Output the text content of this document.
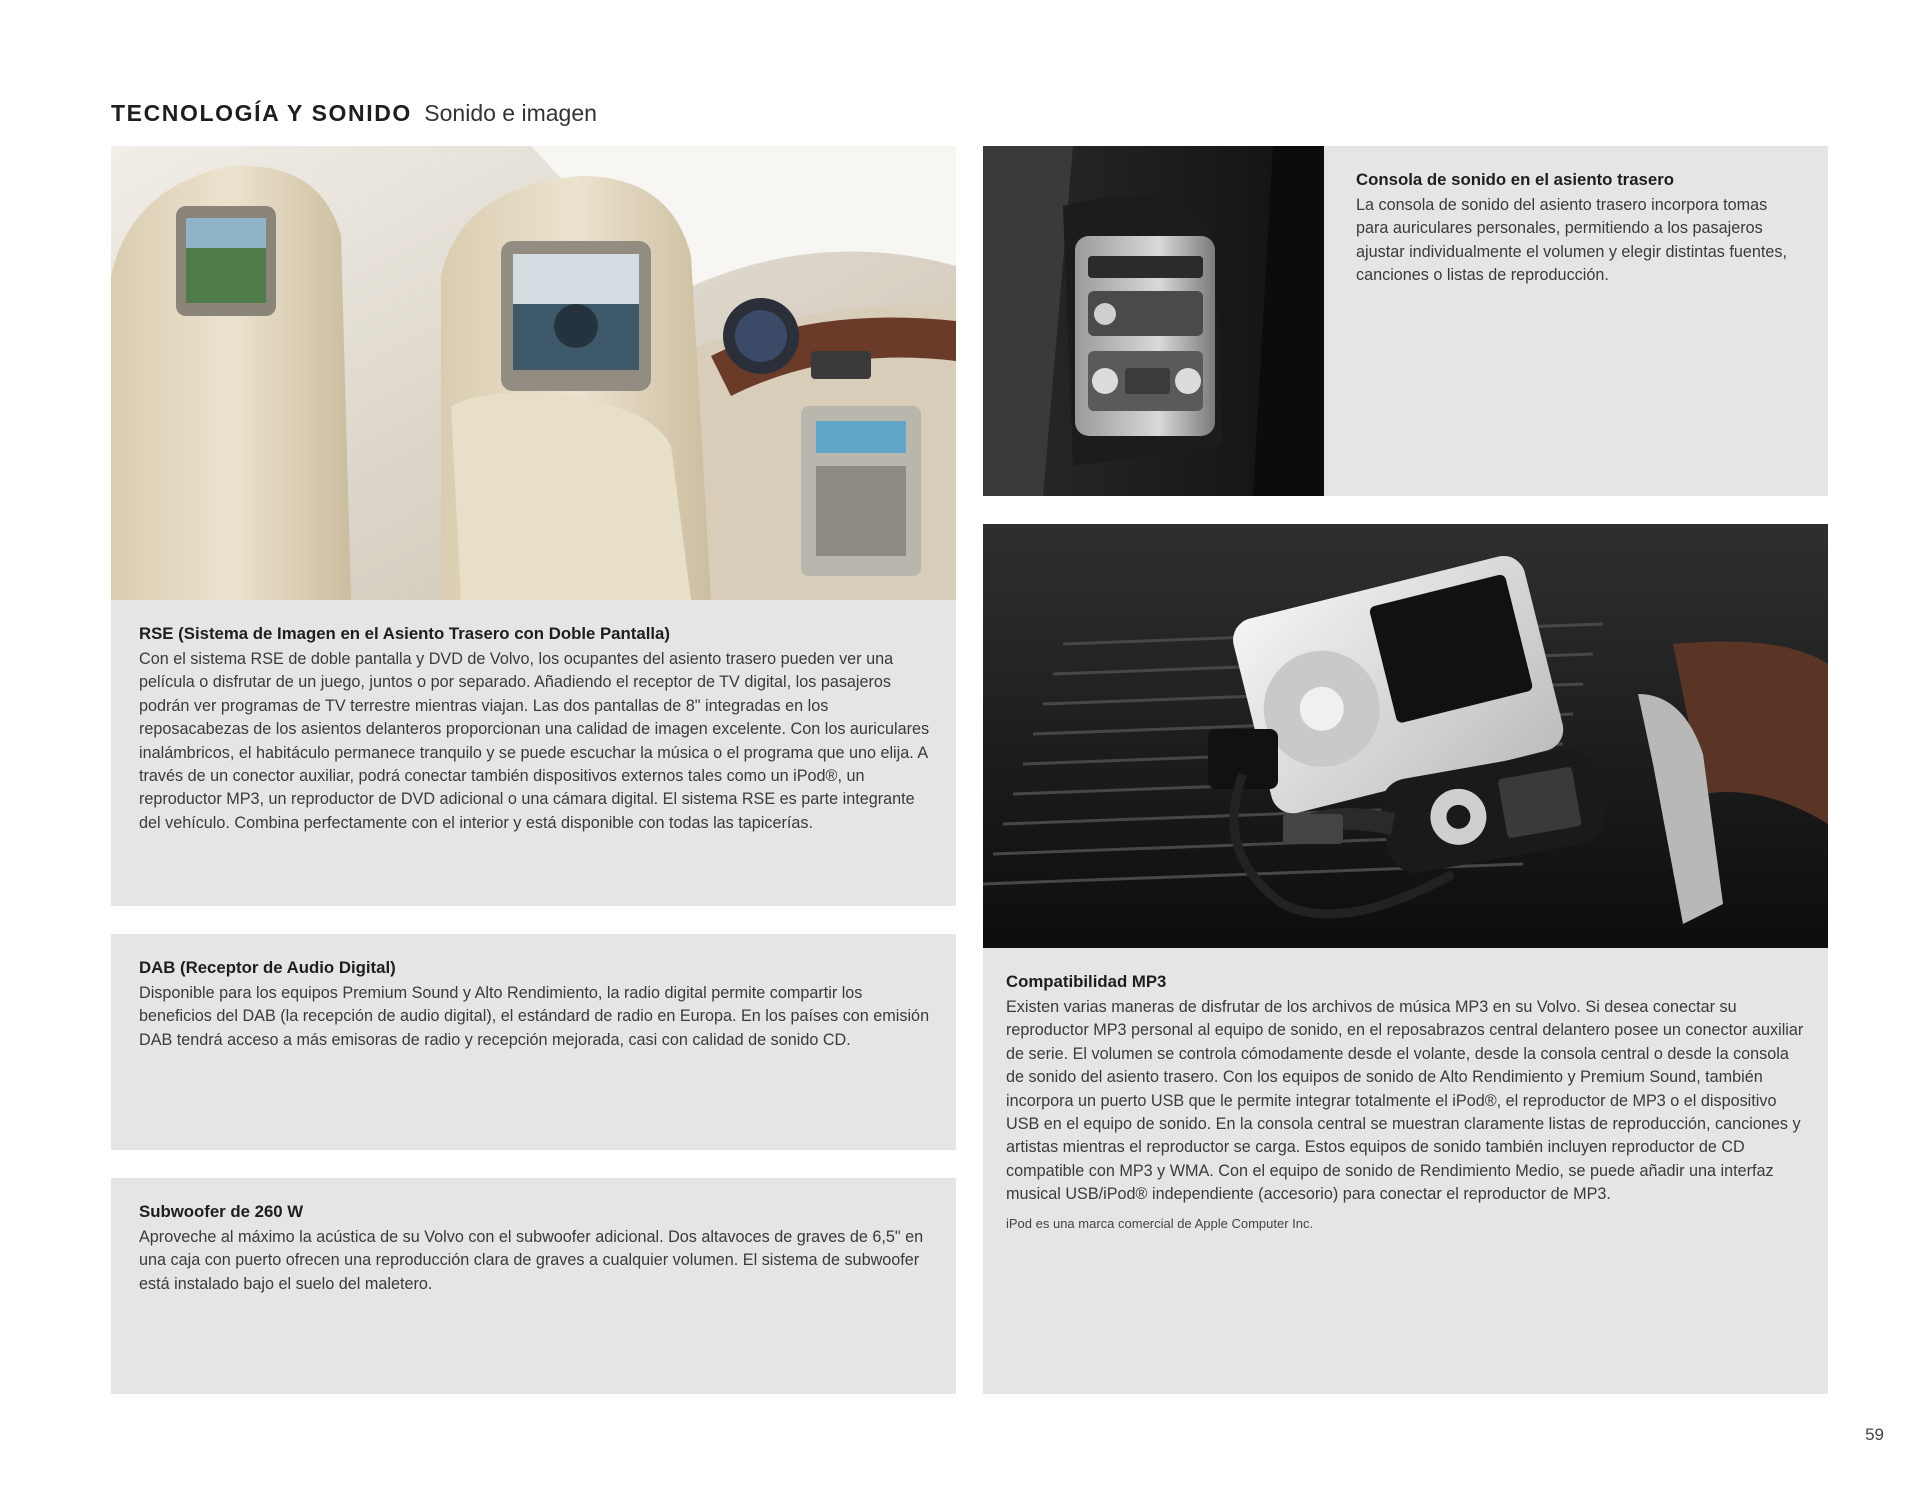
TECNOLOGÍA Y SONIDO Sonido e imagen
RSE (Sistema de Imagen en el Asiento Trasero con Doble Pantalla)

Con el sistema RSE de doble pantalla y DVD de Volvo, los ocupantes del asiento trasero pueden ver una película o disfrutar de un juego, juntos o por separado. Añadiendo el receptor de TV digital, los pasajeros podrán ver programas de TV terrestre mientras viajan. Las dos pantallas de 8" integradas en los reposacabezas de los asientos delanteros proporcionan una calidad de imagen excelente. Con los auriculares inalámbricos, el habitáculo permanece tranquilo y se puede escuchar la música o el programa que uno elija. A través de un conector auxiliar, podrá conectar también dispositivos externos tales como un iPod®, un reproductor MP3, un reproductor de DVD adicional o una cámara digital. El sistema RSE es parte integrante del vehículo. Combina perfectamente con el interior y está disponible con todas las tapicerías.

DAB (Receptor de Audio Digital)

Disponible para los equipos Premium Sound y Alto Rendimiento, la radio digital permite compartir los beneficios del DAB (la recepción de audio digital), el estándard de radio en Europa. En los países con emisión DAB tendrá acceso a más emisoras de radio y recepción mejorada, casi con calidad de sonido CD.

Subwoofer de 260 W

Aproveche al máximo la acústica de su Volvo con el subwoofer adicional. Dos altavoces de graves de 6,5" en una caja con puerto ofrecen una reproducción clara de graves a cualquier volumen. El sistema de subwoofer está instalado bajo el suelo del maletero.

Consola de sonido en el asiento trasero

La consola de sonido del asiento trasero incorpora tomas para auriculares personales, permitiendo a los pasajeros ajustar individualmente el volumen y elegir distintas fuentes, canciones o listas de reproducción.

Compatibilidad MP3

Existen varias maneras de disfrutar de los archivos de música MP3 en su Volvo. Si desea conectar su reproductor MP3 personal al equipo de sonido, en el reposabrazos central delantero posee un conector auxiliar de serie. El volumen se controla cómodamente desde el volante, desde la consola central o desde la consola de sonido del asiento trasero. Con los equipos de sonido de Alto Rendimiento y Premium Sound, también incorpora un puerto USB que le permite integrar totalmente el iPod®, el reproductor de MP3 o el dispositivo USB en el equipo de sonido. En la consola central se muestran claramente listas de reproducción, canciones y artistas mientras el reproductor se carga. Estos equipos de sonido también incluyen reproductor de CD compatible con MP3 y WMA. Con el equipo de sonido de Rendimiento Medio, se puede añadir una interfaz musical USB/iPod® independiente (accesorio) para conectar el reproductor de MP3.

iPod es una marca comercial de Apple Computer Inc.

59
